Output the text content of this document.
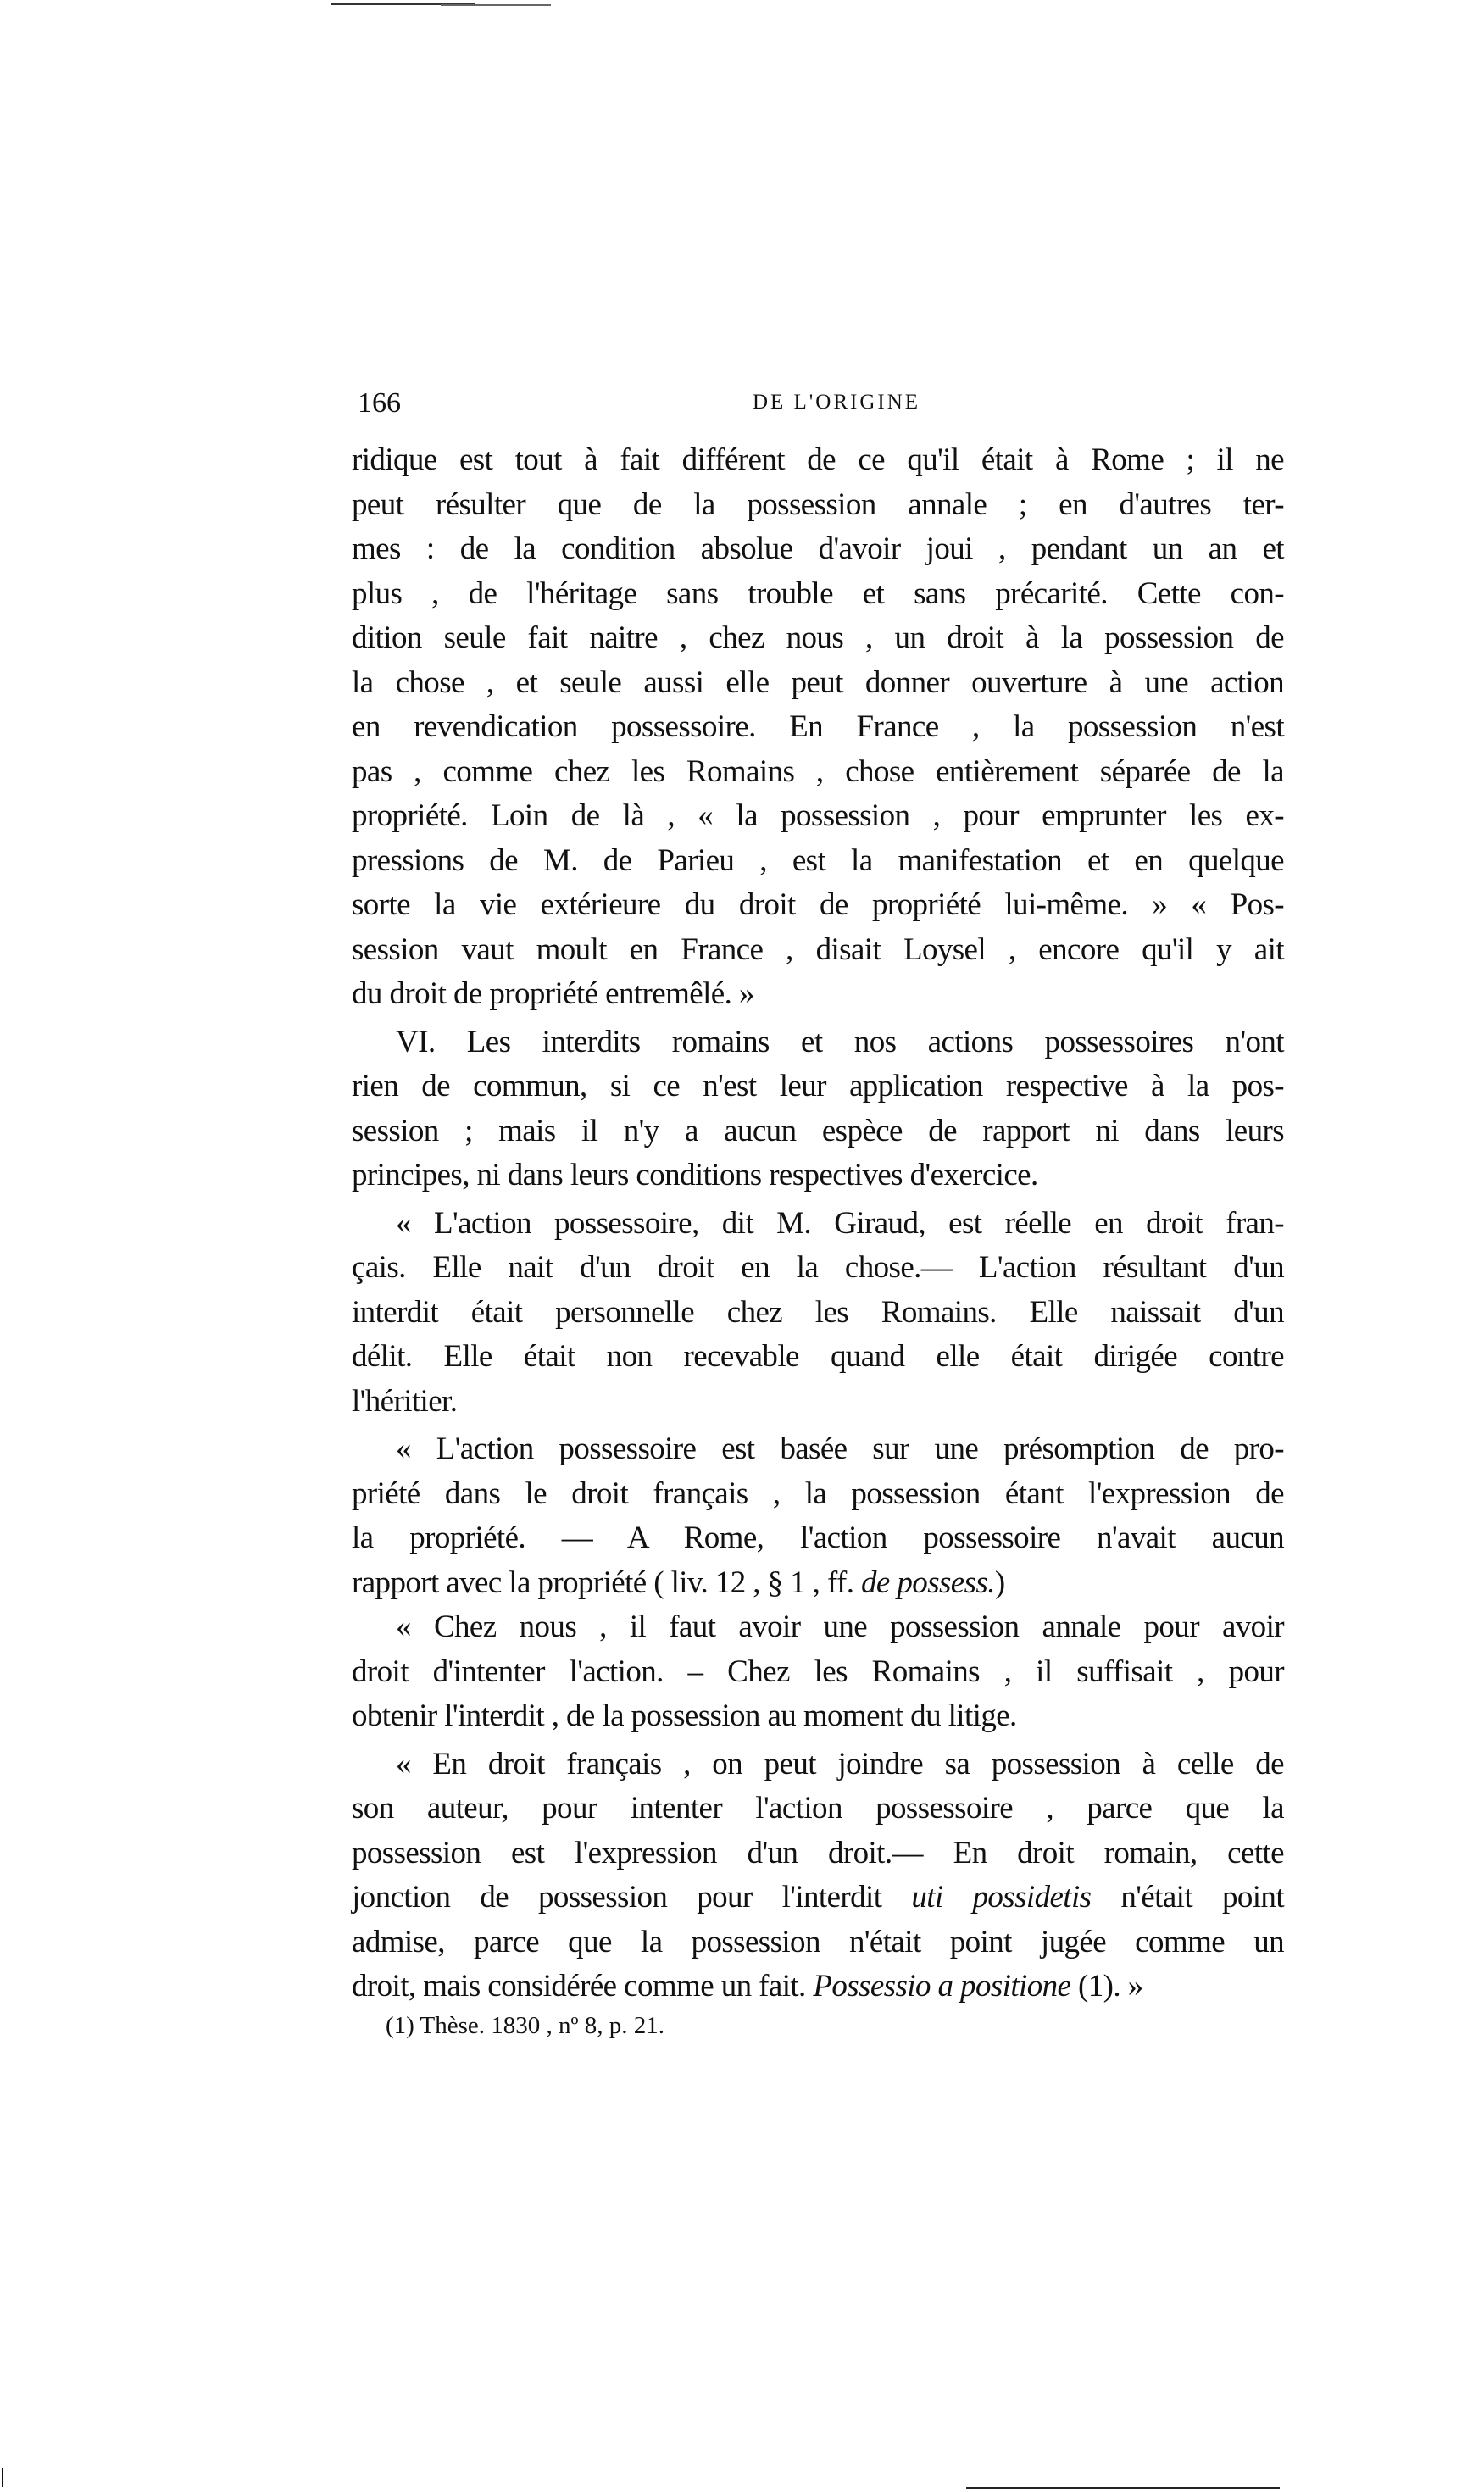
166	DE L'ORIGINE
ridique est tout à fait différent de ce qu'il était à Rome ; il ne
peut résulter que de la possession annale ; en d'autres ter-
mes : de la condition absolue d'avoir joui , pendant un an et
plus , de l'héritage sans trouble et sans précarité. Cette con-
dition seule fait naitre , chez nous , un droit à la possession de
la chose , et seule aussi elle peut donner ouverture à une action
en revendication possessoire. En France , la possession n'est
pas , comme chez les Romains , chose entièrement séparée de la
propriété. Loin de là , « la possession , pour emprunter les ex-
pressions de M. de Parieu , est la manifestation et en quelque
sorte la vie extérieure du droit de propriété lui-même. » « Pos-
session vaut moult en France , disait Loysel , encore qu'il y ait
du droit de propriété entremêlé. »
VI. Les interdits romains et nos actions possessoires n'ont
rien de commun, si ce n'est leur application respective à la pos-
session ; mais il n'y a aucun espèce de rapport ni dans leurs
principes, ni dans leurs conditions respectives d'exercice.
« L'action possessoire, dit M. Giraud, est réelle en droit fran-
çais. Elle nait d'un droit en la chose.— L'action résultant d'un
interdit était personnelle chez les Romains. Elle naissait d'un
délit. Elle était non recevable quand elle était dirigée contre
l'héritier.
« L'action possessoire est basée sur une présomption de pro-
priété dans le droit français , la possession étant l'expression de
la propriété. — A Rome, l'action possessoire n'avait aucun
rapport avec la propriété ( liv. 12 , § 1 , ff. de possess.)
« Chez nous , il faut avoir une possession annale pour avoir
droit d'intenter l'action. – Chez les Romains , il suffisait , pour
obtenir l'interdit , de la possession au moment du litige.
« En droit français , on peut joindre sa possession à celle de
son auteur, pour intenter l'action possessoire , parce que la
possession est l'expression d'un droit.— En droit romain, cette
jonction de possession pour l'interdit uti possidetis n'était point
admise, parce que la possession n'était point jugée comme un
droit, mais considérée comme un fait. Possessio a positione (1). »
(1) Thèse. 1830 , nº 8, p. 21.
